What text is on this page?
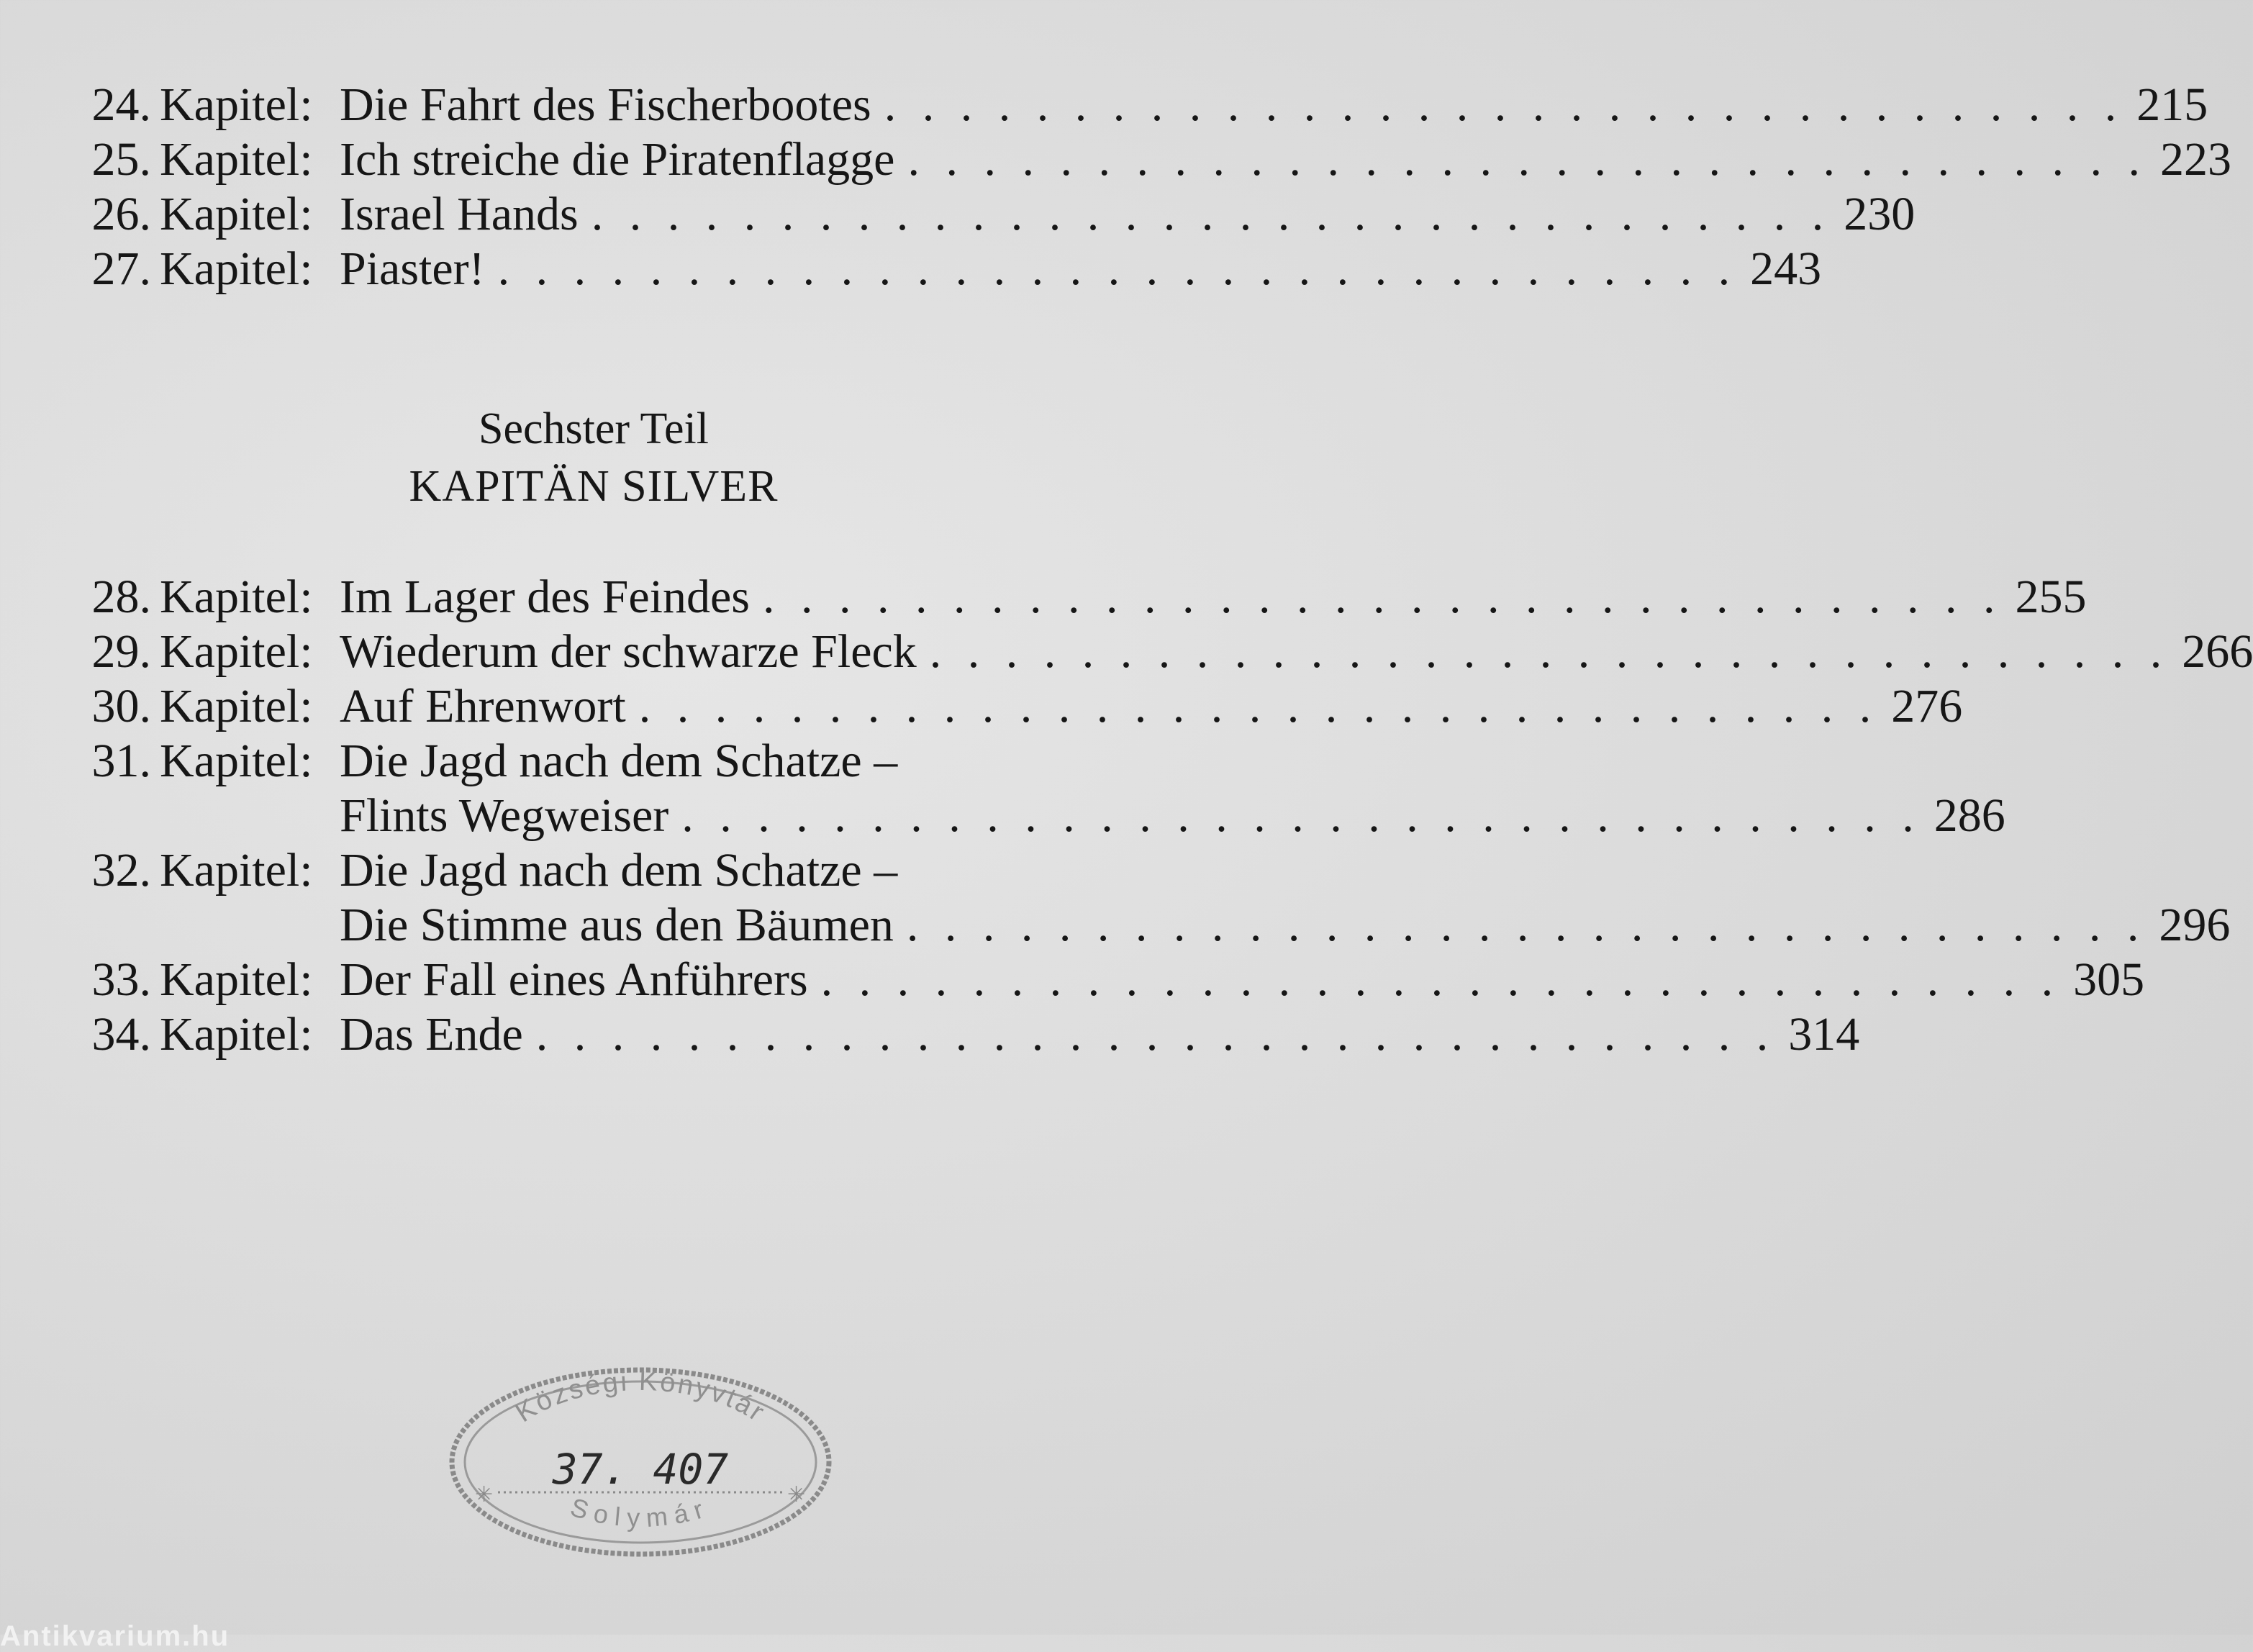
24. Kapitel: Die Fahrt des Fischerbootes . . . . . . . . . . . . . . . . . . . . . . . . . . . . . . . . . 215
25. Kapitel: Ich streiche die Piratenflagge . . . . . . . . . . . . . . . . . . . . . . . . . . . . . . . . . 223
26. Kapitel: Israel Hands . . . . . . . . . . . . . . . . . . . . . . . . . . . . . . . . . 230
27. Kapitel: Piaster! . . . . . . . . . . . . . . . . . . . . . . . . . . . . . . . . . 243
Sechster Teil
KAPITÄN SILVER
28. Kapitel: Im Lager des Feindes . . . . . . . . . . . . . . . . . . . . . . . . . . . . . . . . . 255
29. Kapitel: Wiederum der schwarze Fleck . . . . . . . . . . . . . . . . . . . . . . . . . . . . . . . . . 266
30. Kapitel: Auf Ehrenwort . . . . . . . . . . . . . . . . . . . . . . . . . . . . . . . . . 276
31. Kapitel: Die Jagd nach dem Schatze –
Flints Wegweiser . . . . . . . . . . . . . . . . . . . . . . . . . . . . . . . . . 286
32. Kapitel: Die Jagd nach dem Schatze –
Die Stimme aus den Bäumen . . . . . . . . . . . . . . . . . . . . . . . . . . . . . . . . . 296
33. Kapitel: Der Fall eines Anführers . . . . . . . . . . . . . . . . . . . . . . . . . . . . . . . . . 305
34. Kapitel: Das Ende . . . . . . . . . . . . . . . . . . . . . . . . . . . . . . . . . 314
Községi Könyvtár
✳	✳
37. 407
Solymár
Antikvarium.hu
